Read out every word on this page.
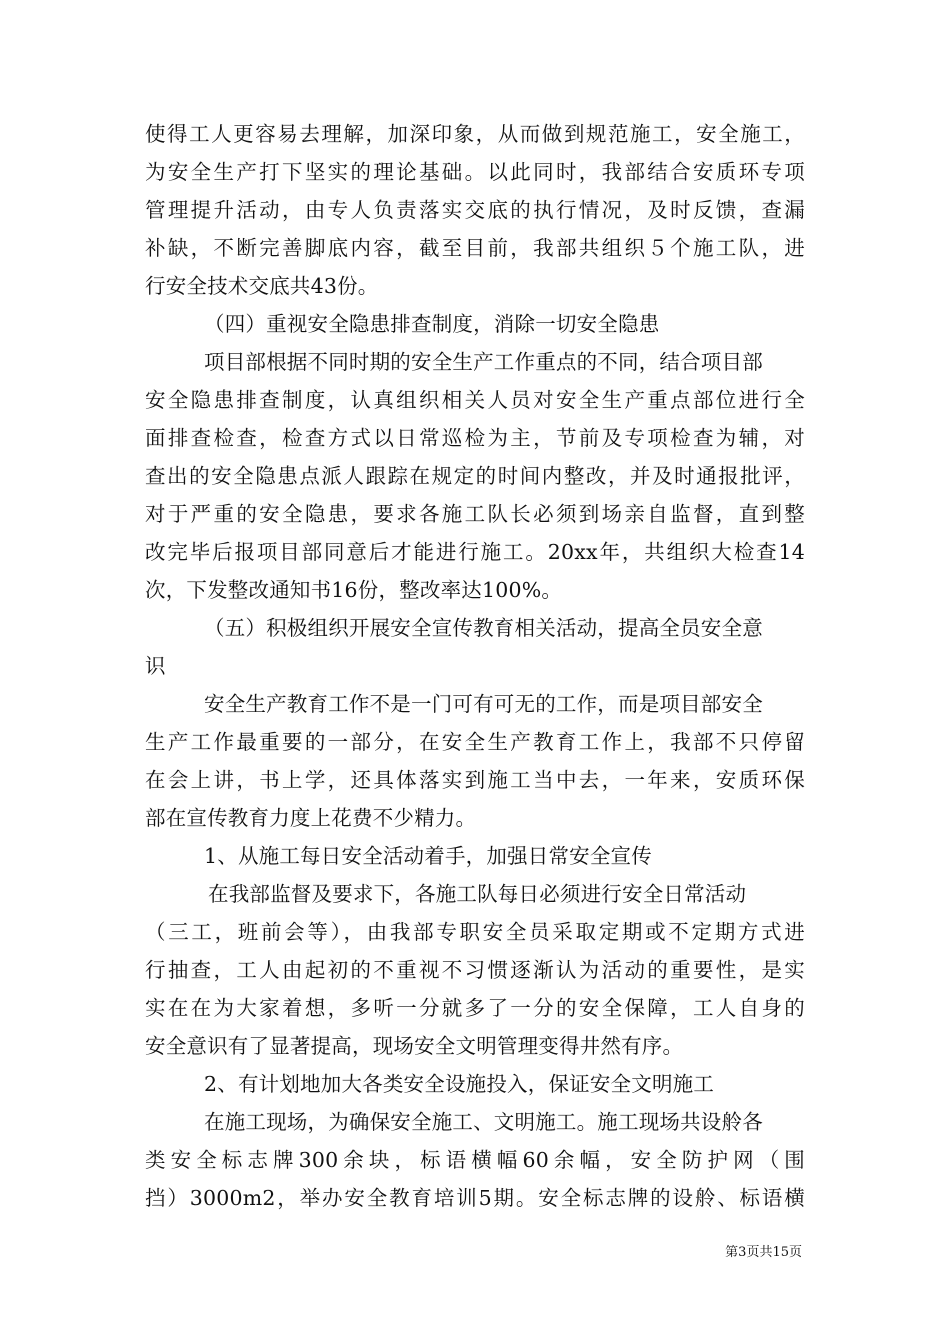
使得工人更容易去理解，加深印象，从而做到规范施工，安全施工，
为安全生产打下坚实的理论基础。以此同时，我部结合安质环专项
管理提升活动，由专人负责落实交底的执行情况，及时反馈，查漏
补缺，不断完善脚底内容，截至目前，我部共组织５个施工队，进
行安全技术交底共43份。
（四）重视安全隐患排查制度，消除一切安全隐患
项目部根据不同时期的安全生产工作重点的不同，结合项目部
安全隐患排查制度，认真组织相关人员对安全生产重点部位进行全
面排查检查，检查方式以日常巡检为主，节前及专项检查为辅，对
查出的安全隐患点派人跟踪在规定的时间内整改，并及时通报批评，
对于严重的安全隐患，要求各施工队长必须到场亲自监督，直到整
改完毕后报项目部同意后才能进行施工。20xx年，共组织大检查14
次，下发整改通知书16份，整改率达100%。
（五）积极组织开展安全宣传教育相关活动，提高全员安全意
识
安全生产教育工作不是一门可有可无的工作，而是项目部安全
生产工作最重要的一部分，在安全生产教育工作上，我部不只停留
在会上讲，书上学，还具体落实到施工当中去，一年来，安质环保
部在宣传教育力度上花费不少精力。
1、从施工每日安全活动着手，加强日常安全宣传
在我部监督及要求下，各施工队每日必须进行安全日常活动
（三工，班前会等），由我部专职安全员采取定期或不定期方式进
行抽查，工人由起初的不重视不习惯逐渐认为活动的重要性，是实
实在在为大家着想，多听一分就多了一分的安全保障，工人自身的
安全意识有了显著提高，现场安全文明管理变得井然有序。
2、有计划地加大各类安全设施投入，保证安全文明施工
在施工现场，为确保安全施工、文明施工。施工现场共设舲各
类安全标志牌300余块，标语横幅60余幅，安全防护网（围
挡）3000m2，举办安全教育培训5期。安全标志牌的设舲、标语横
第3页共15页
